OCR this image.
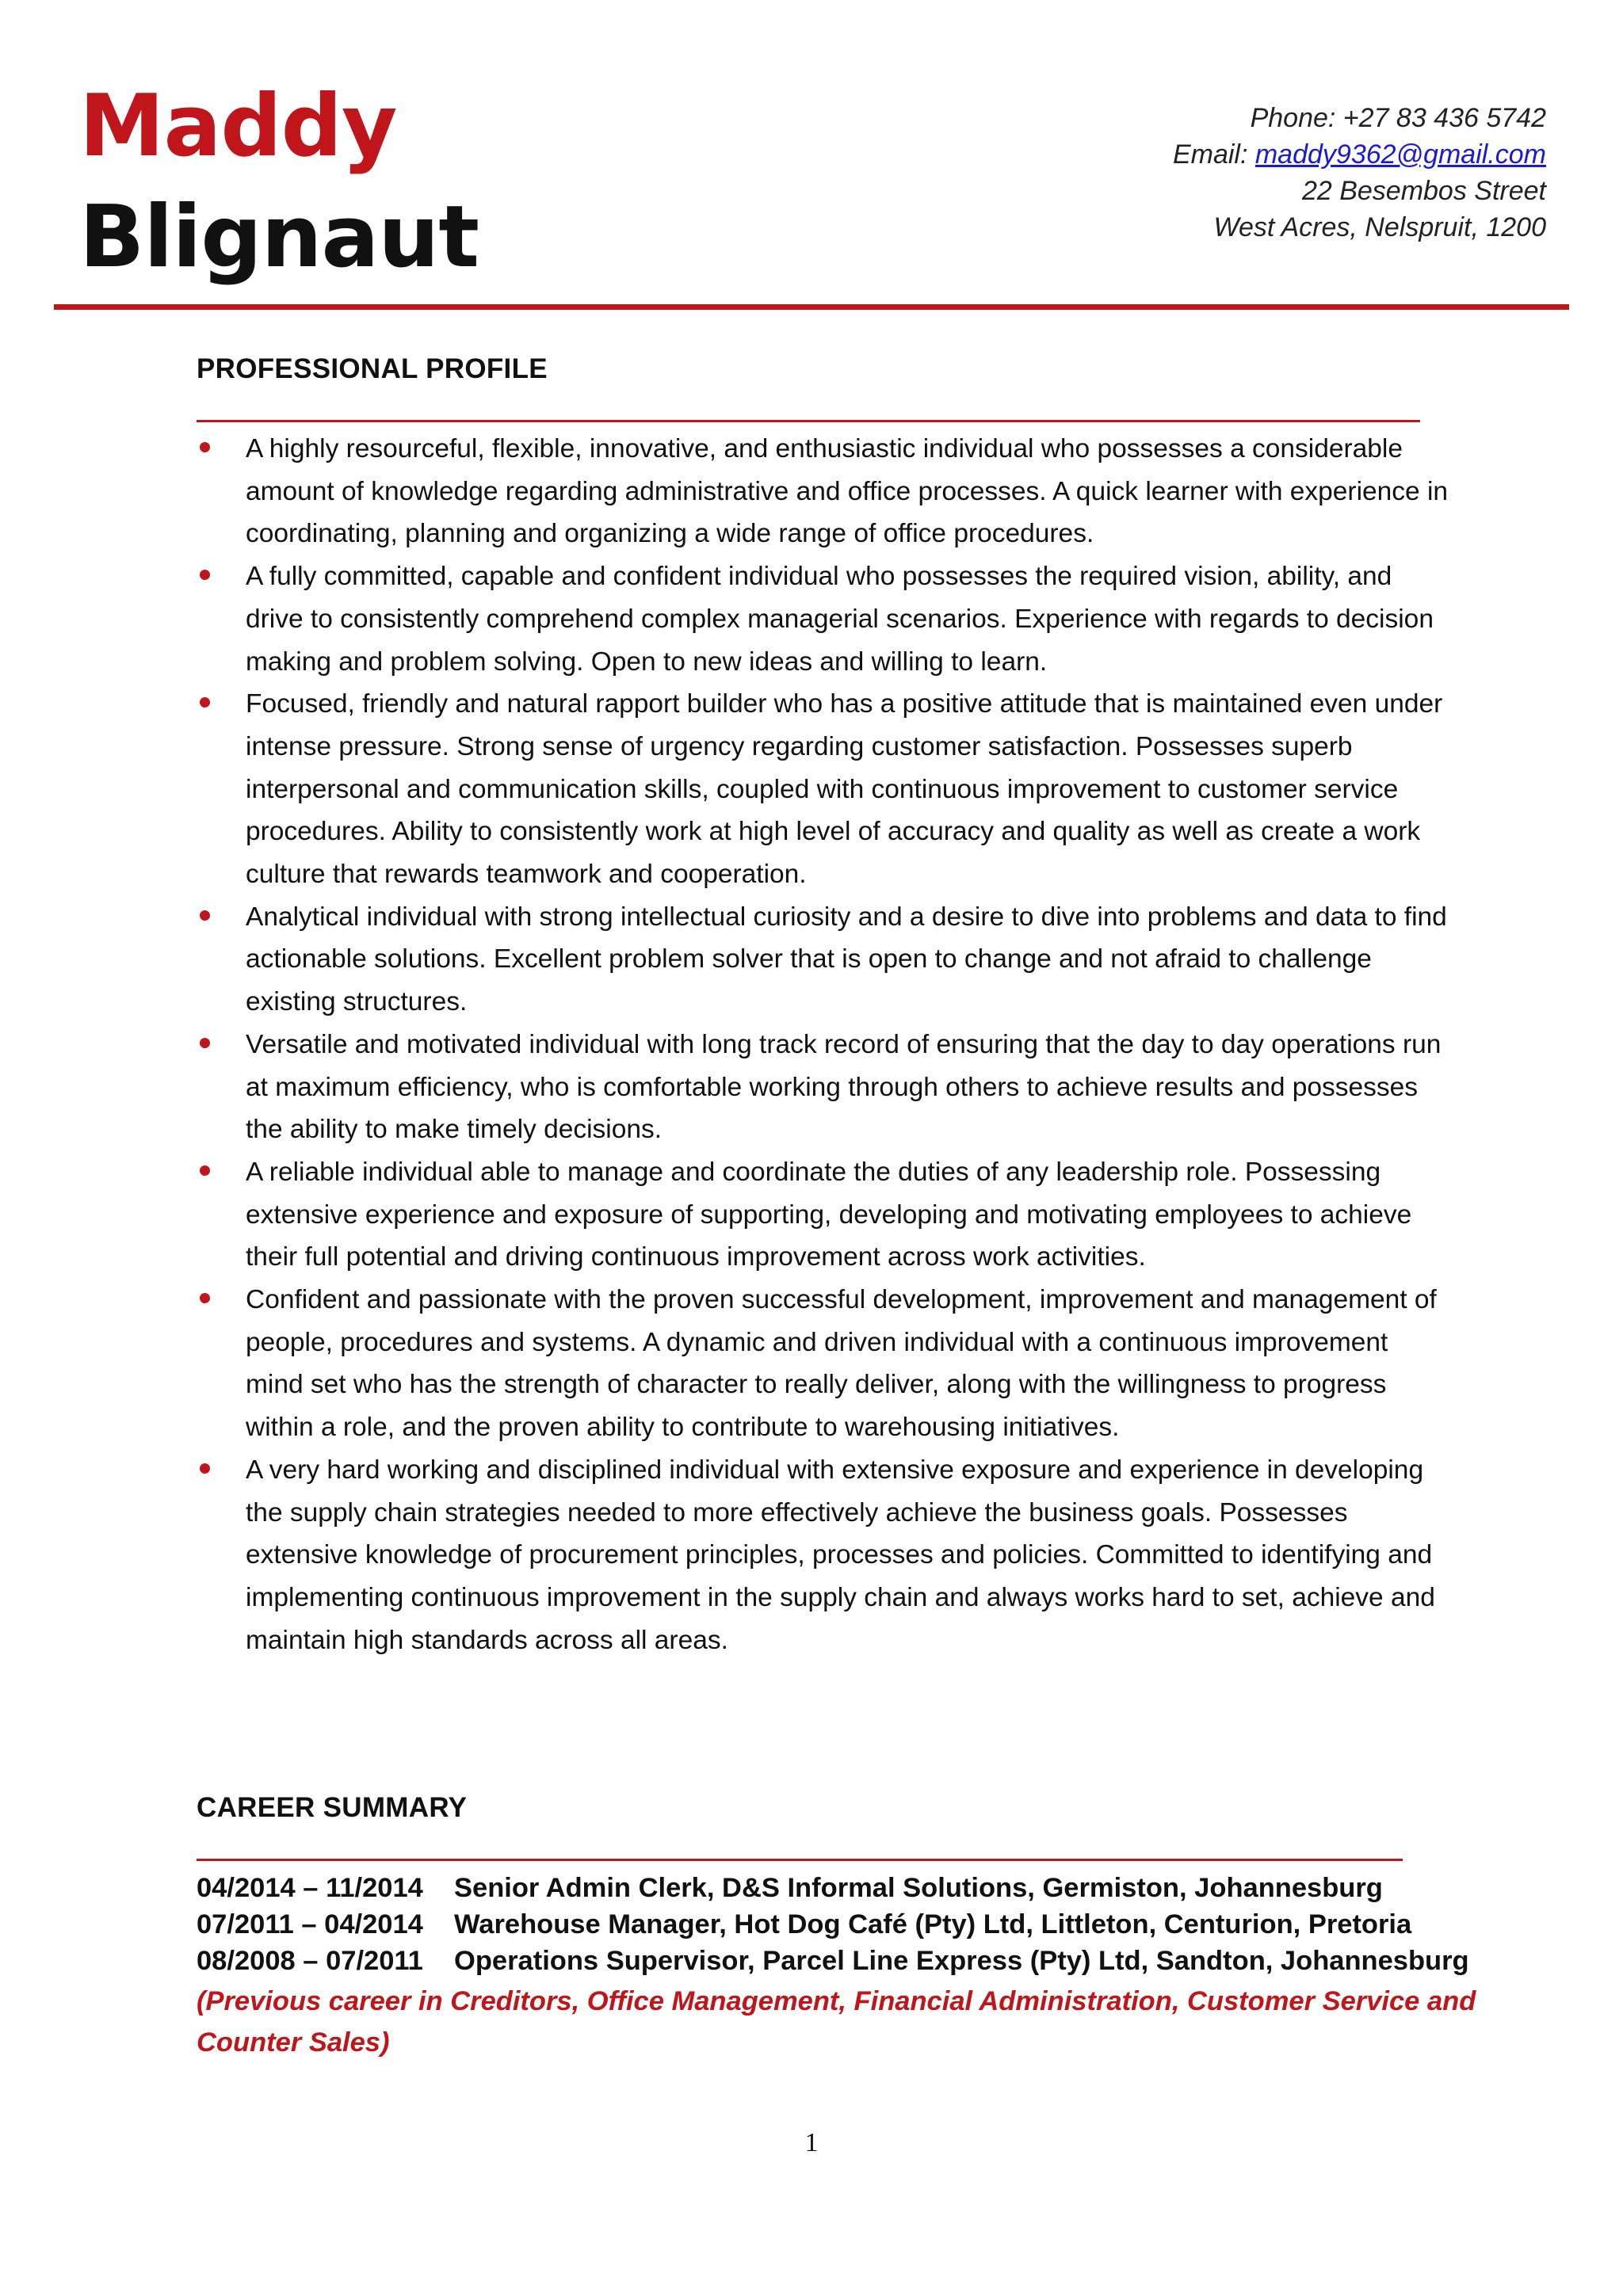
Maddy
Blignaut
Phone: +27 83 436 5742
Email: maddy9362@gmail.com
22 Besembos Street
West Acres, Nelspruit, 1200
PROFESSIONAL PROFILE
A highly resourceful, flexible, innovative, and enthusiastic individual who possesses a considerable amount of knowledge regarding administrative and office processes. A quick learner with experience in coordinating, planning and organizing a wide range of office procedures.
A fully committed, capable and confident individual who possesses the required vision, ability, and drive to consistently comprehend complex managerial scenarios. Experience with regards to decision making and problem solving. Open to new ideas and willing to learn.
Focused, friendly and natural rapport builder who has a positive attitude that is maintained even under intense pressure. Strong sense of urgency regarding customer satisfaction. Possesses superb interpersonal and communication skills, coupled with continuous improvement to customer service procedures. Ability to consistently work at high level of accuracy and quality as well as create a work culture that rewards teamwork and cooperation.
Analytical individual with strong intellectual curiosity and a desire to dive into problems and data to find actionable solutions. Excellent problem solver that is open to change and not afraid to challenge existing structures.
Versatile and motivated individual with long track record of ensuring that the day to day operations run at maximum efficiency, who is comfortable working through others to achieve results and possesses the ability to make timely decisions.
A reliable individual able to manage and coordinate the duties of any leadership role. Possessing extensive experience and exposure of supporting, developing and motivating employees to achieve their full potential and driving continuous improvement across work activities.
Confident and passionate with the proven successful development, improvement and management of people, procedures and systems. A dynamic and driven individual with a continuous improvement mind set who has the strength of character to really deliver, along with the willingness to progress within a role, and the proven ability to contribute to warehousing initiatives.
A very hard working and disciplined individual with extensive exposure and experience in developing the supply chain strategies needed to more effectively achieve the business goals. Possesses extensive knowledge of procurement principles, processes and policies. Committed to identifying and implementing continuous improvement in the supply chain and always works hard to set, achieve and maintain high standards across all areas.
CAREER SUMMARY
04/2014 – 11/2014 Senior Admin Clerk, D&S Informal Solutions, Germiston, Johannesburg
07/2011 – 04/2014 Warehouse Manager, Hot Dog Café (Pty) Ltd, Littleton, Centurion, Pretoria
08/2008 – 07/2011 Operations Supervisor, Parcel Line Express (Pty) Ltd, Sandton, Johannesburg
(Previous career in Creditors, Office Management, Financial Administration, Customer Service and Counter Sales)
1
